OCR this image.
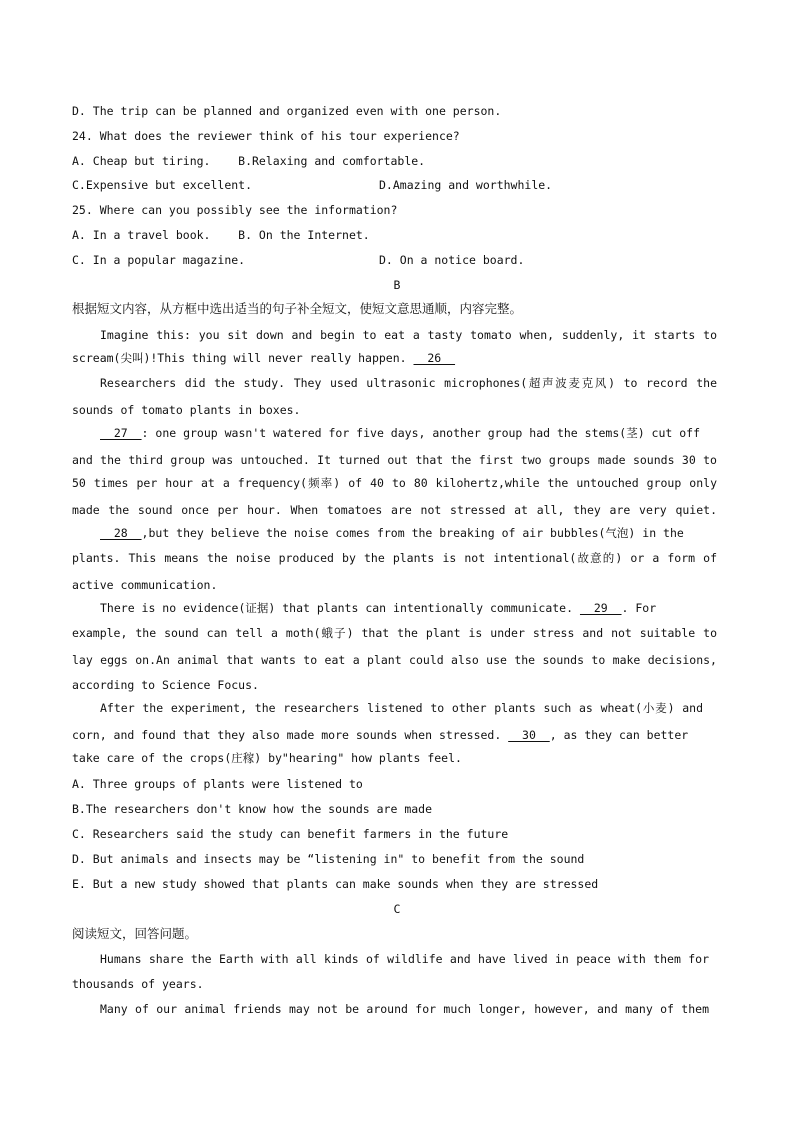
D. The trip can be planned and organized even with one person.
24. What does the reviewer think of his tour experience?
A. Cheap but tiring.    B.Relaxing and comfortable.
C.Expensive but excellent.	D.Amazing and worthwhile.
25. Where can you possibly see the information?
A. In a travel book.    B. On the Internet.
C. In a popular magazine.	D. On a notice board.
B
根据短文内容，从方框中选出适当的句子补全短文，使短文意思通顺，内容完整。
Imagine this: you sit down and begin to eat a tasty tomato when, suddenly, it starts to
scream(尖叫)!This thing will never really happen.   26
Researchers did the study. They used ultrasonic microphones(超声波麦克风) to record the
sounds of tomato plants in boxes.
27  : one group wasn't watered for five days, another group had the stems(茎) cut off
and the third group was untouched. It turned out that the first two groups made sounds 30 to
50 times per hour at a frequency(频率) of 40 to 80 kilohertz,while the untouched group only
made the sound once per hour. When tomatoes are not stressed at all, they are very quiet.
28  ,but they believe the noise comes from the breaking of air bubbles(气泡) in the
plants. This means the noise produced by the plants is not intentional(故意的) or a form of
active communication.
There is no evidence(证据) that plants can intentionally communicate.   29  . For
example, the sound can tell a moth(蛾子) that the plant is under stress and not suitable to
lay eggs on.An animal that wants to eat a plant could also use the sounds to make decisions,
according to Science Focus.
After the experiment, the researchers listened to other plants such as wheat(小麦) and
corn, and found that they also made more sounds when stressed.   30  , as they can better
take care of the crops(庄稼) by"hearing" how plants feel.
A. Three groups of plants were listened to
B.The researchers don't know how the sounds are made
C. Researchers said the study can benefit farmers in the future
D. But animals and insects may be “listening in" to benefit from the sound
E. But a new study showed that plants can make sounds when they are stressed
C
阅读短文，回答问题。
Humans share the Earth with all kinds of wildlife and have lived in peace with them for
thousands of years.
Many of our animal friends may not be around for much longer, however, and many of them
